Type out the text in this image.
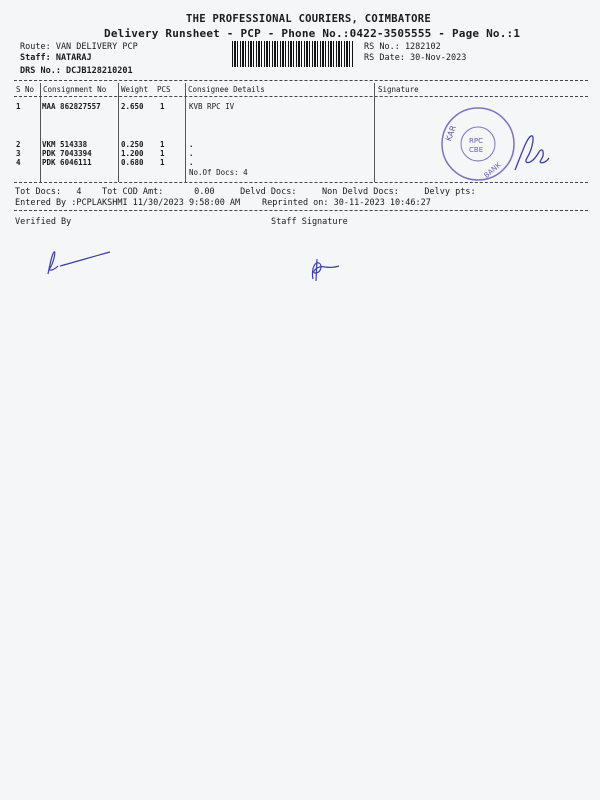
THE PROFESSIONAL COURIERS, COIMBATORE
Delivery Runsheet - PCP - Phone No.:0422-3505555 - Page No.:1
Route: VAN DELIVERY PCP
Staff: NATARAJ
DRS No.: DCJB128210201
RS No.: 1282102
RS Date: 30-Nov-2023
S No Consignment No Weight PCS Consignee Details	Signature
1	MAA 862827557	2.650 1	KVB RPC IV
2	VKM 514338	0.250 1	.
3	PDK 7043394	1.200 1	.
4	PDK 6046111	0.680 1	.
No.Of Docs: 4
KAR RPC
CBE
BANK
Tot Docs:   4    Tot COD Amt:      0.00     Delvd Docs:     Non Delvd Docs:     Delvy pts:
Entered By :PCPLAKSHMI 11/30/2023 9:58:00 AM	Reprinted on: 30-11-2023 10:46:27
Verified By	Staff Signature
